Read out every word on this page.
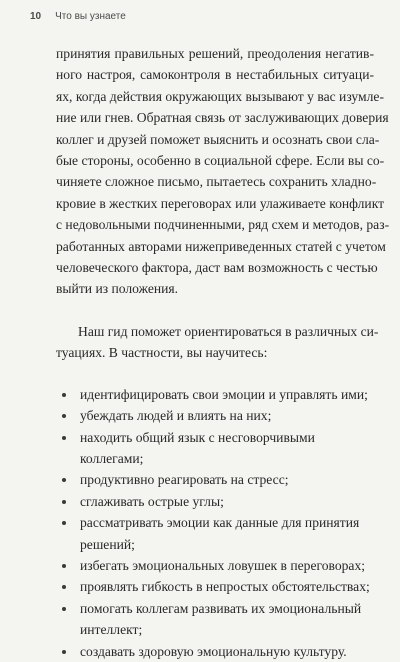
10 Что вы узнаете

принятия правильных решений, преодоления негатив-
ного настроя, самоконтроля в нестабильных ситуаци-
ях, когда действия окружающих вызывают у вас изумле-
ние или гнев. Обратная связь от заслуживающих доверия
коллег и друзей поможет выяснить и осознать свои сла-
бые стороны, особенно в социальной сфере. Если вы со-
чиняете сложное письмо, пытаетесь сохранить хладно-
кровие в жестких переговорах или улаживаете конфликт
с недовольными подчиненными, ряд схем и методов, раз-
работанных авторами нижеприведенных статей с учетом
человеческого фактора, даст вам возможность с честью
выйти из положения.

Наш гид поможет ориентироваться в различных си-
туациях. В частности, вы научитесь:

идентифицировать свои эмоции и управлять ими;
убеждать людей и влиять на них;
находить общий язык с несговорчивыми коллегами;
продуктивно реагировать на стресс;
сглаживать острые углы;
рассматривать эмоции как данные для принятия решений;
избегать эмоциональных ловушек в переговорах;
проявлять гибкость в непростых обстоятельствах;
помогать коллегам развивать их эмоциональный интеллект;
создавать здоровую эмоциональную культуру.
